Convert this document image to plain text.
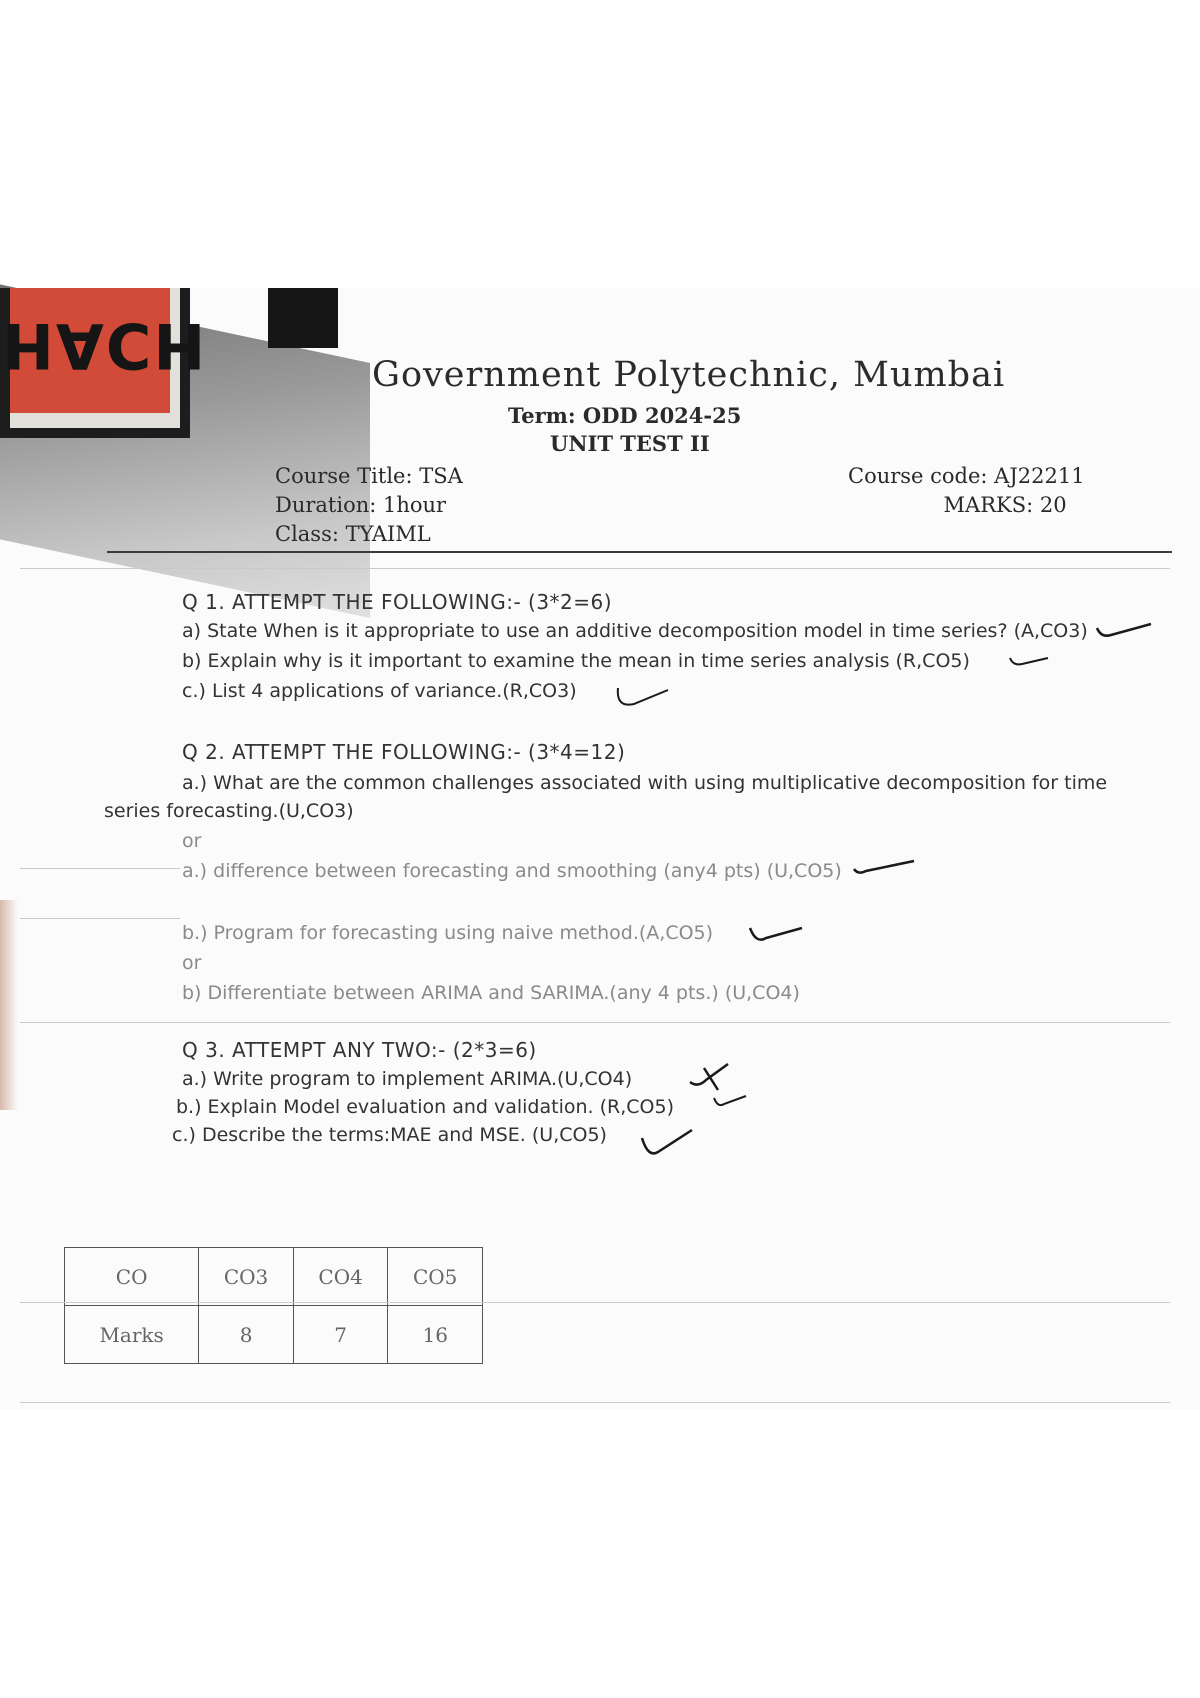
HACH	Government Polytechnic, Mumbai
Term: ODD 2024-25
UNIT TEST II
Course Title: TSA
Duration: 1hour
Class: TYAIML
Course code: AJ22211
MARKS: 20
Q 1. ATTEMPT THE FOLLOWING:- (3*2=6)
a) State When is it appropriate to use an additive decomposition model in time series? (A,CO3)
b) Explain why is it important to examine the mean in time series analysis (R,CO5)
c.) List 4 applications of variance.(R,CO3)
Q 2. ATTEMPT THE FOLLOWING:- (3*4=12)
a.) What are the common challenges associated with using multiplicative decomposition for time
series forecasting.(U,CO3)
or
a.) difference between forecasting and smoothing (any4 pts) (U,CO5)
b.) Program for forecasting using naive method.(A,CO5)
or
b) Differentiate between ARIMA and SARIMA.(any 4 pts.) (U,CO4)
Q 3. ATTEMPT ANY TWO:- (2*3=6)
a.) Write program to implement ARIMA.(U,CO4)
b.) Explain Model evaluation and validation. (R,CO5)
c.) Describe the terms:MAE and MSE. (U,CO5)
CO	CO3	CO4	CO5
Marks	8	7	16
